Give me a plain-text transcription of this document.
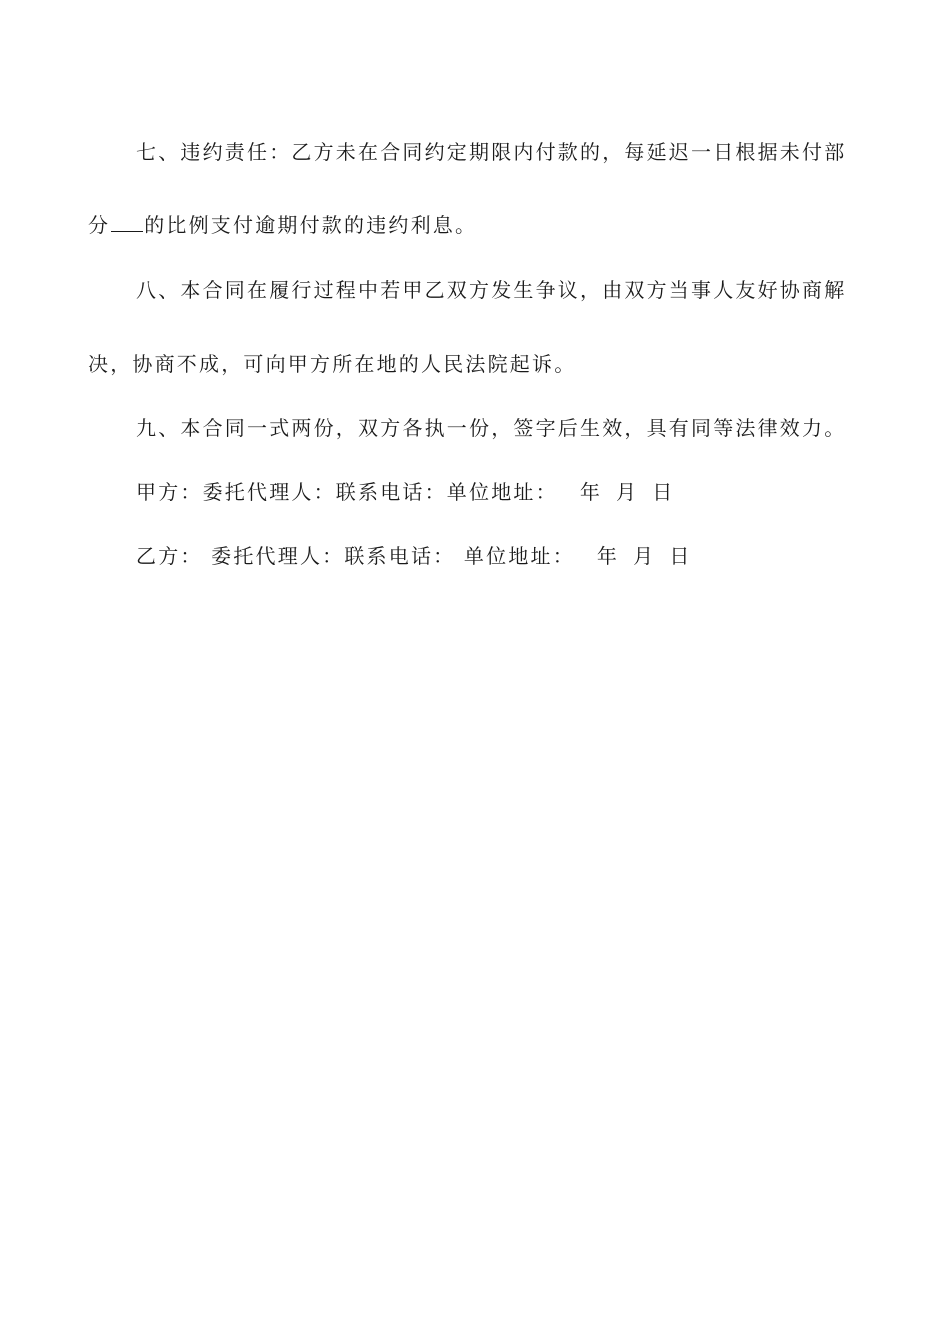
七、违约责任：乙方未在合同约定期限内付款的，每延迟一日根据未付部
分 的比例支付逾期付款的违约利息。
八、本合同在履行过程中若甲乙双方发生争议，由双方当事人友好协商解
决，协商不成，可向甲方所在地的人民法院起诉。
九、本合同一式两份，双方各执一份，签字后生效，具有同等法律效力。
甲方：委托代理人：联系电话：单位地址： 年 月 日
乙方： 委托代理人：联系电话： 单位地址： 年 月 日
